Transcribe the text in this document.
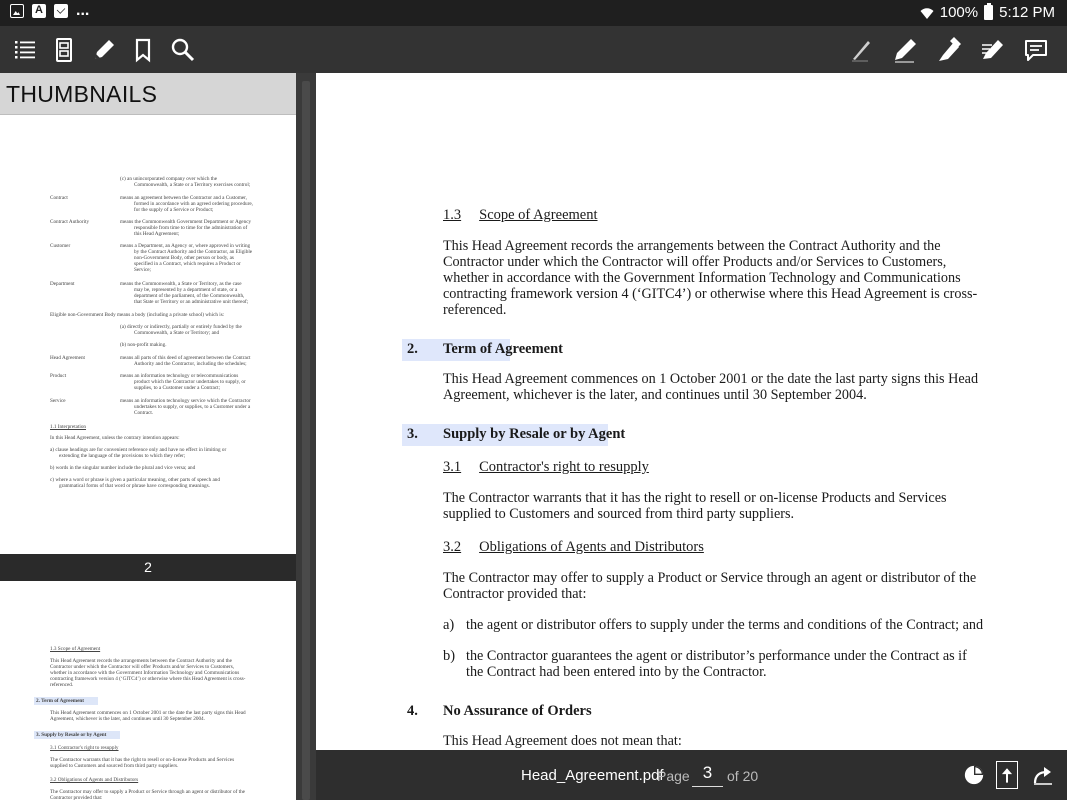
A
...	100% 5:12 PM
THUMBNAILS
(c) an unincorporated company over which the
Commonwealth, a State or a Territory exercises control;
Contract	means an agreement between the Contractor and a Customer,
formed in accordance with an agreed ordering procedure,
for the supply of a Service or Product;
Contract Authority	means the Commonwealth Government Department or Agency
responsible from time to time for the administration of
this Head Agreement;
Customer	means a Department, an Agency or, where approved in writing
by the Contract Authority and the Contractor, an Eligible
non-Government Body, other person or body, as
specified in a Contract, which requires a Product or
Service;
Department	means the Commonwealth, a State or Territory, as the case
may be, represented by a department of state, or a
department of the parliament, of the Commonwealth,
that State or Territory or an administrative unit thereof;
Eligible non-Government Body means a body (including a private school) which is:
(a) directly or indirectly, partially or entirely funded by the
Commonwealth, a State or Territory; and
(b) non-profit making.
Head Agreement	means all parts of this deed of agreement between the Contract
Authority and the Contractor, including the schedules;
Product	means an information technology or telecommunications
product which the Contractor undertakes to supply, or
supplies, to a Customer under a Contract;
Service	means an information technology service which the Contractor
undertakes to supply, or supplies, to a Customer under a
Contract.
1.1 Interpretation
In this Head Agreement, unless the contrary intention appears:
a) clause headings are for convenient reference only and have no effect in limiting or
extending the language of the provisions to which they refer;
b) words in the singular number include the plural and vice versa; and
c) where a word or phrase is given a particular meaning, other parts of speech and
grammatical forms of that word or phrase have corresponding meanings.
2
1.3 Scope of Agreement
This Head Agreement records the arrangements between the Contract Authority and the
Contractor under which the Contractor will offer Products and/or Services to Customers,
whether in accordance with the Government Information Technology and Communications
contracting framework version 4 (‘GITC4’) or otherwise where this Head Agreement is cross-
referenced.
2. Term of Agreement
This Head Agreement commences on 1 October 2001 or the date the last party signs this Head
Agreement, whichever is the later, and continues until 30 September 2004.
3. Supply by Resale or by Agent
3.1 Contractor's right to resupply
The Contractor warrants that it has the right to resell or on-license Products and Services
supplied to Customers and sourced from third party suppliers.
3.2 Obligations of Agents and Distributors
The Contractor may offer to supply a Product or Service through an agent or distributor of the
Contractor provided that:
1.3 Scope of Agreement
This Head Agreement records the arrangements between the Contract Authority and the
Contractor under which the Contractor will offer Products and/or Services to Customers,
whether in accordance with the Government Information Technology and Communications
contracting framework version 4 (‘GITC4’) or otherwise where this Head Agreement is cross-
referenced.
2. Term of Agreement
This Head Agreement commences on 1 October 2001 or the date the last party signs this Head
Agreement, whichever is the later, and continues until 30 September 2004.
3. Supply by Resale or by Agent
3.1 Contractor's right to resupply
The Contractor warrants that it has the right to resell or on-license Products and Services
supplied to Customers and sourced from third party suppliers.
3.2 Obligations of Agents and Distributors
The Contractor may offer to supply a Product or Service through an agent or distributor of the
Contractor provided that:
a) the agent or distributor offers to supply under the terms and conditions of the Contract; and
b) the Contractor guarantees the agent or distributor’s performance under the Contract as if
the Contract had been entered into by the Contractor.
4. No Assurance of Orders
This Head Agreement does not mean that:
Head_Agreement.pdf
Page 3	of 20
